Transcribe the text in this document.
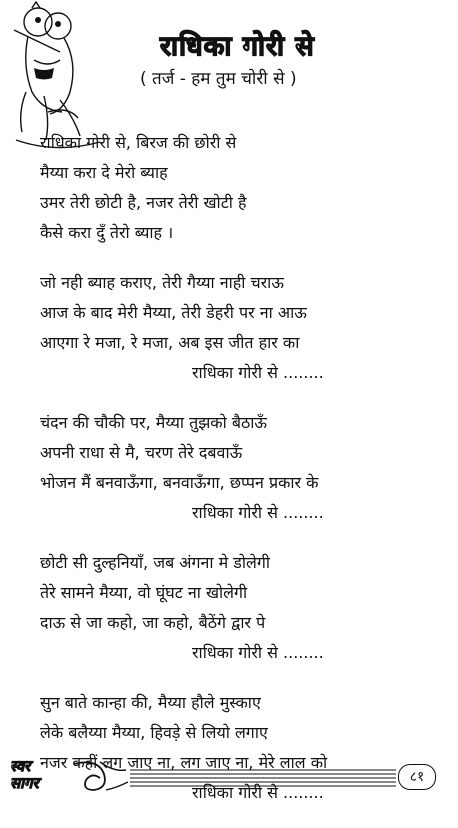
राधिका गोरी से
( तर्ज - हम तुम चोरी से )
राधिका गोरी से, बिरज की छोरी से
मैय्या करा दे मेरो ब्याह
उमर तेरी छोटी है, नजर तेरी खोटी है
कैसे करा दुँ तेरो ब्याह ।
जो नही ब्याह कराए, तेरी गैय्या नाही चराऊ
आज के बाद मेरी मैय्या, तेरी डेहरी पर ना आऊ
आएगा रे मजा, रे मजा, अब इस जीत हार का
राधिका गोरी से ........
चंदन की चौकी पर, मैय्या तुझको बैठाऊँ
अपनी राधा से मै, चरण तेरे दबवाऊँ
भोजन मैं बनवाऊँगा, बनवाऊँगा, छप्पन प्रकार के
राधिका गोरी से ........
छोटी सी दुल्हनियाँ, जब अंगना मे डोलेगी
तेरे सामने मैय्या, वो घूंघट ना खोलेगी
दाऊ से जा कहो, जा कहो, बैठेंगे द्वार पे
राधिका गोरी से ........
सुन बाते कान्हा की, मैय्या हौले मुस्काए
लेके बलैय्या मैय्या, हिवड़े से लियो लगाए
नजर कहीं लग जाए ना, लग जाए ना, मेरे लाल को
राधिका गोरी से ........
स्वर
सागर	८१
